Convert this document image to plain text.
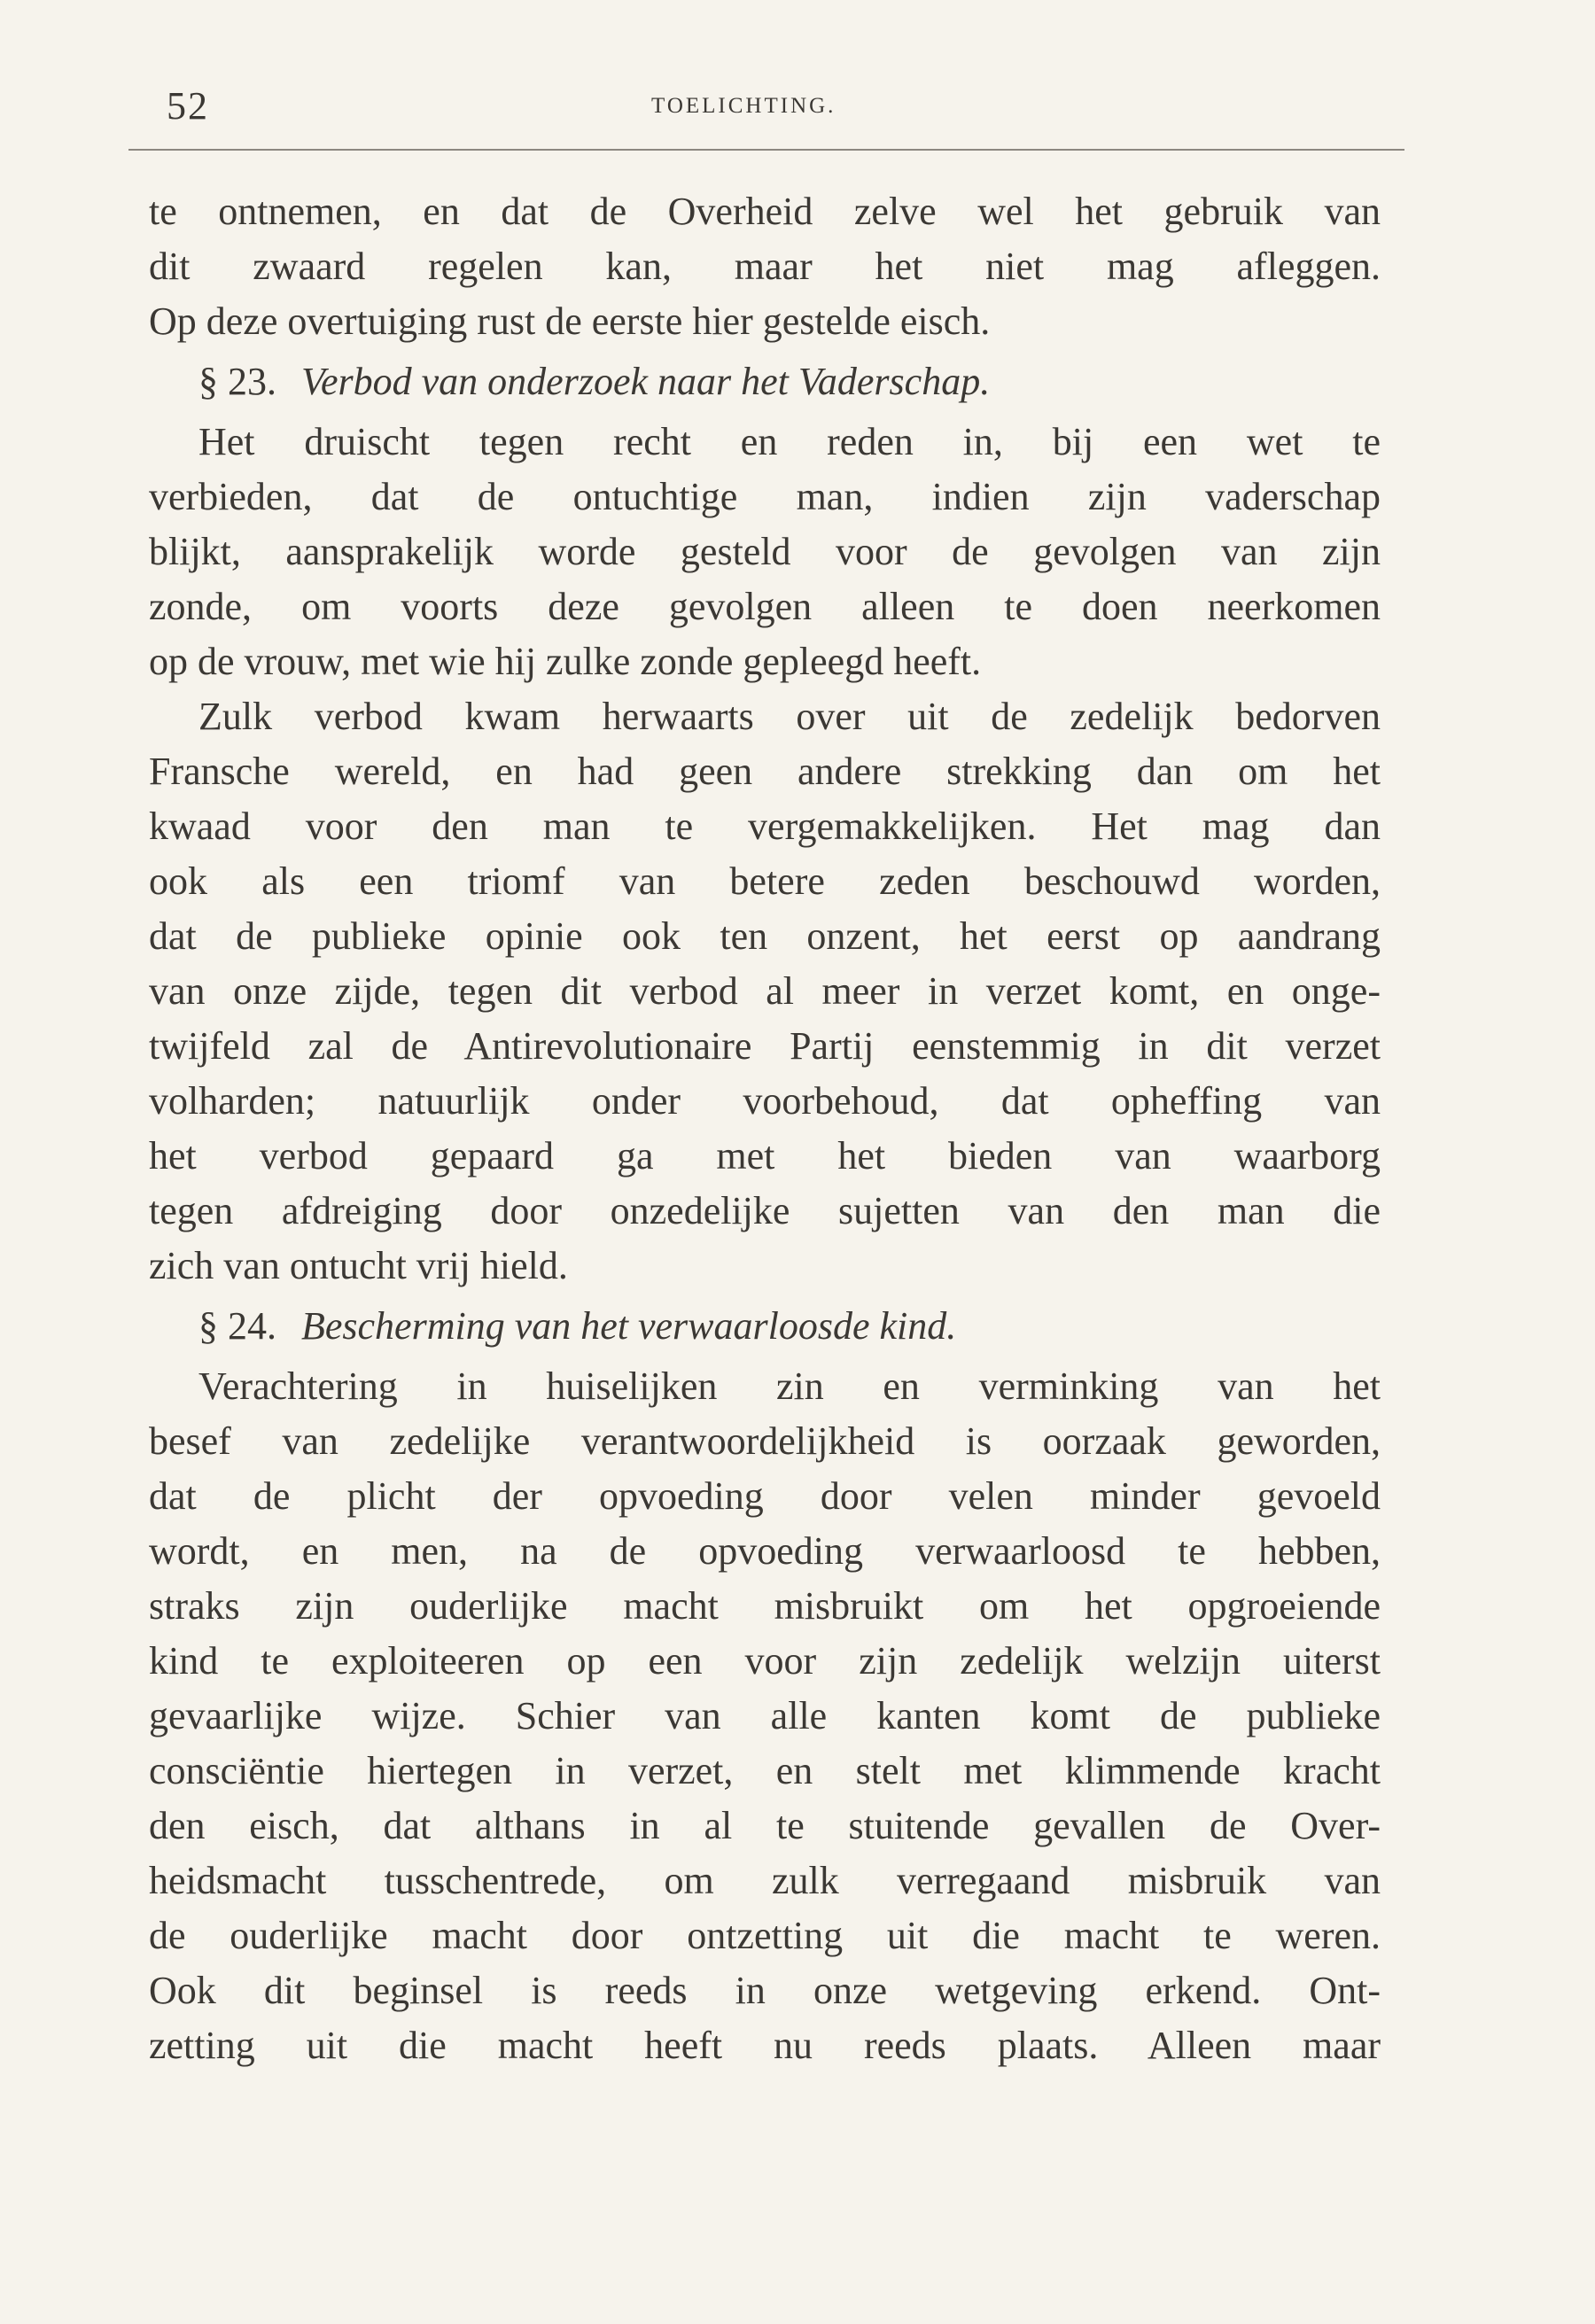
52	TOELICHTING.
te ontnemen, en dat de Overheid zelve wel het gebruik van
dit zwaard regelen kan, maar het niet mag afleggen.
Op deze overtuiging rust de eerste hier gestelde eisch.
§ 23. Verbod van onderzoek naar het Vaderschap.
Het druischt tegen recht en reden in, bij een wet te
verbieden, dat de ontuchtige man, indien zijn vaderschap
blijkt, aansprakelijk worde gesteld voor de gevolgen van zijn
zonde, om voorts deze gevolgen alleen te doen neerkomen
op de vrouw, met wie hij zulke zonde gepleegd heeft.
Zulk verbod kwam herwaarts over uit de zedelijk bedorven
Fransche wereld, en had geen andere strekking dan om het
kwaad voor den man te vergemakkelijken. Het mag dan
ook als een triomf van betere zeden beschouwd worden,
dat de publieke opinie ook ten onzent, het eerst op aandrang
van onze zijde, tegen dit verbod al meer in verzet komt, en onge-
twijfeld zal de Antirevolutionaire Partij eenstemmig in dit verzet
volharden; natuurlijk onder voorbehoud, dat opheffing van
het verbod gepaard ga met het bieden van waarborg
tegen afdreiging door onzedelijke sujetten van den man die
zich van ontucht vrij hield.
§ 24. Bescherming van het verwaarloosde kind.
Verachtering in huiselijken zin en verminking van het
besef van zedelijke verantwoordelijkheid is oorzaak geworden,
dat de plicht der opvoeding door velen minder gevoeld
wordt, en men, na de opvoeding verwaarloosd te hebben,
straks zijn ouderlijke macht misbruikt om het opgroeiende
kind te exploiteeren op een voor zijn zedelijk welzijn uiterst
gevaarlijke wijze. Schier van alle kanten komt de publieke
consciëntie hiertegen in verzet, en stelt met klimmende kracht
den eisch, dat althans in al te stuitende gevallen de Over-
heidsmacht tusschentrede, om zulk verregaand misbruik van
de ouderlijke macht door ontzetting uit die macht te weren.
Ook dit beginsel is reeds in onze wetgeving erkend. Ont-
zetting uit die macht heeft nu reeds plaats. Alleen maar
